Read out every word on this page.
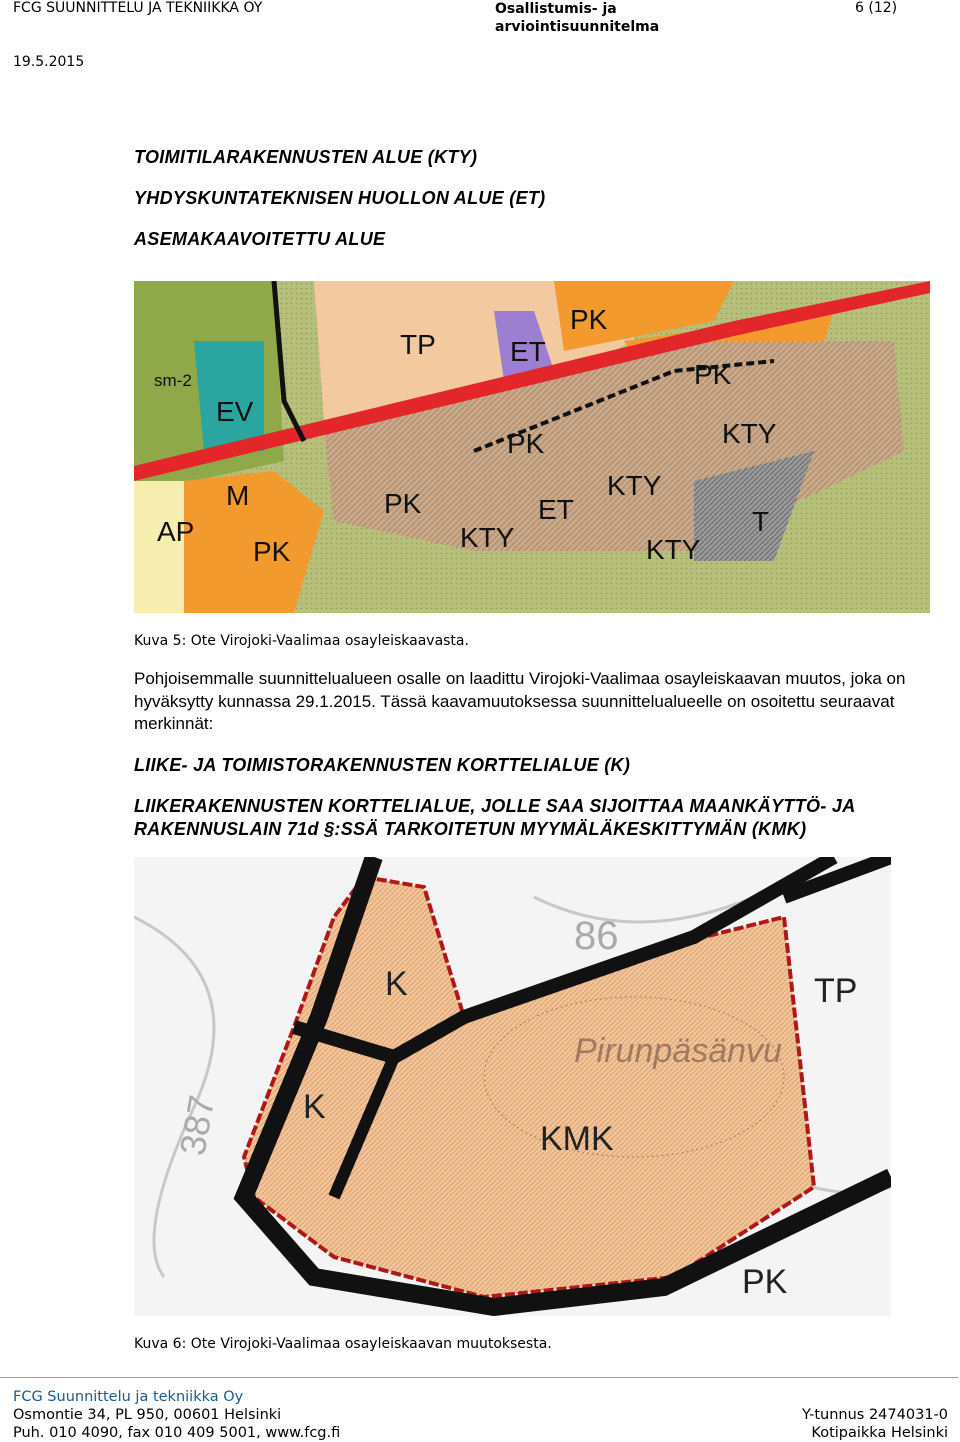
FCG SUUNNITTELU JA TEKNIIKKA OY	Osallistumis- ja arviointisuunnitelma
6 (12)
19.5.2015
TOIMITILARAKENNUSTEN ALUE (KTY)
YHDYSKUNTATEKNISEN HUOLLON ALUE (ET)
ASEMAKAAVOITETTU ALUE
TP	ET
PK
PK
KTY
EV
sm-2
PK
KTY
M	PK	ET
AP
PK	KTY	KTY
T
Kuva 5: Ote Virojoki-Vaalimaa osayleiskaavasta.
Pohjoisemmalle suunnittelualueen osalle on laadittu Virojoki-Vaalimaa osayleiskaavan muutos, joka on hyväksytty kunnassa 29.1.2015. Tässä kaavamuutoksessa suunnittelualueelle on osoitettu seuraavat merkinnät:
LIIKE- JA TOIMISTORAKENNUSTEN KORTTELIALUE (K)
LIIKERAKENNUSTEN KORTTELIALUE, JOLLE SAA SIJOITTAA MAANKÄYTTÖ- JA RAKENNUSLAIN 71d §:SSÄ TARKOITETUN MYYMÄLÄKESKITTYMÄN (KMK)
K
K
KMK
Pirunpäsänvu
86
TP
PK
387
Kuva 6: Ote Virojoki-Vaalimaa osayleiskaavan muutoksesta.
FCG Suunnittelu ja tekniikka Oy
Osmontie 34, PL 950, 00601 Helsinki
Puh. 010 4090, fax 010 409 5001, www.fcg.fi
Y-tunnus 2474031-0
Kotipaikka Helsinki
